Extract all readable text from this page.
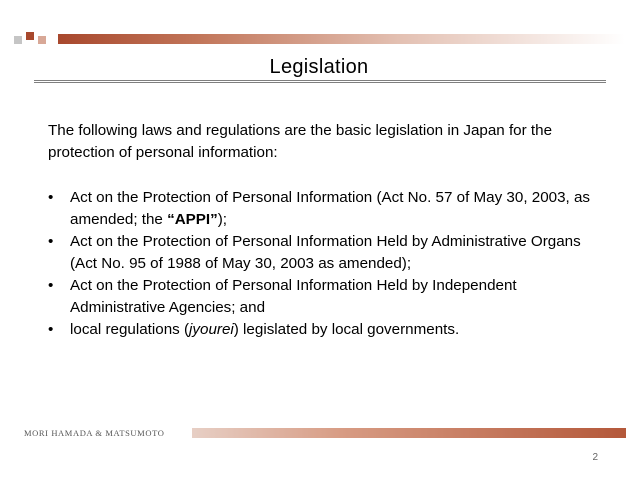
Legislation

The following laws and regulations are the basic legislation in Japan for the protection of personal information:

• Act on the Protection of Personal Information (Act No. 57 of May 30, 2003, as amended; the “APPI”);
• Act on the Protection of Personal Information Held by Administrative Organs (Act No. 95 of 1988 of May 30, 2003 as amended);
• Act on the Protection of Personal Information Held by Independent Administrative Agencies; and
• local regulations (jyourei) legislated by local governments.
MORI HAMADA & MATSUMOTO
2
